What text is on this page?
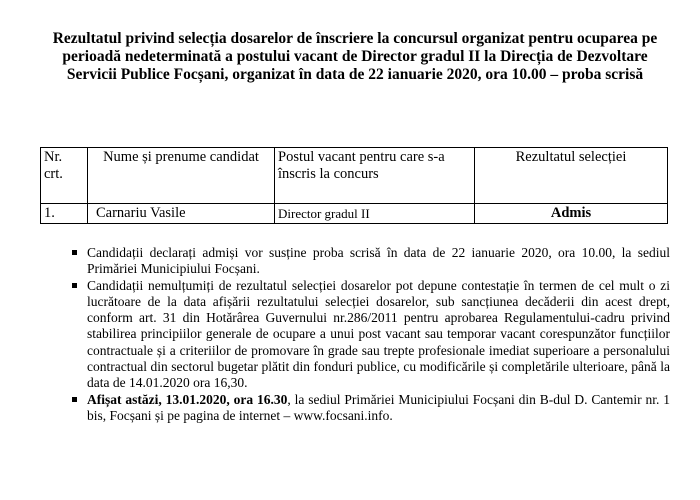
Rezultatul privind selecția dosarelor de înscriere la concursul organizat pentru ocuparea pe perioadă nedeterminată a postului vacant de Director gradul II la Direcția de Dezvoltare Servicii Publice Focșani, organizat în data de 22 ianuarie 2020, ora 10.00 – proba scrisă

Nr. crt.	Nume și prenume candidat	Postul vacant pentru care s-a înscris la concurs	Rezultatul selecției
1.	Carnariu Vasile	Director gradul II	Admis
Candidații declarați admiși vor susține proba scrisă în data de 22 ianuarie 2020, ora 10.00, la sediul Primăriei Municipiului Focșani.
Candidații nemulțumiți de rezultatul selecției dosarelor pot depune contestație în termen de cel mult o zi lucrătoare de la data afișării rezultatului selecției dosarelor, sub sancțiunea decăderii din acest drept, conform art. 31 din Hotărârea Guvernului nr.286/2011 pentru aprobarea Regulamentului-cadru privind stabilirea principiilor generale de ocupare a unui post vacant sau temporar vacant corespunzător funcțiilor contractuale și a criteriilor de promovare în grade sau trepte profesionale imediat superioare a personalului contractual din sectorul bugetar plătit din fonduri publice, cu modificările și completările ulterioare, până la data de 14.01.2020 ora 16,30.
Afișat astăzi, 13.01.2020, ora 16.30, la sediul Primăriei Municipiului Focșani din B-dul D. Cantemir nr. 1 bis, Focșani și pe pagina de internet – www.focsani.info.
